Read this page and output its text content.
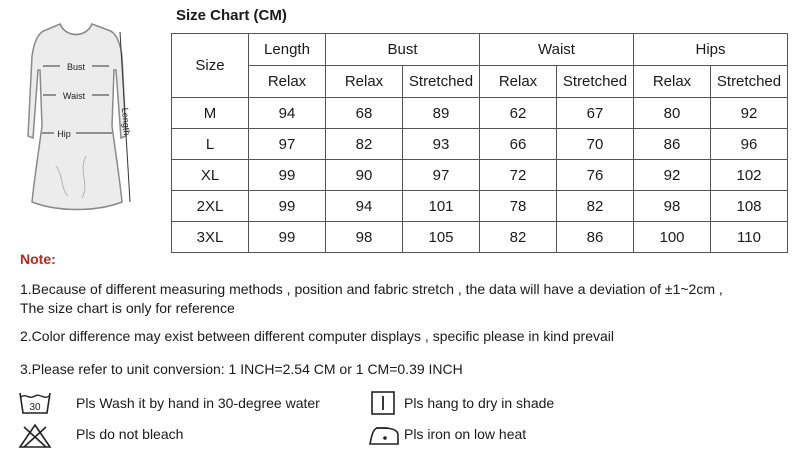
Bust
Waist
Hip	Length
Size Chart (CM)
Size	Length	Bust		Waist		Hips	
	Relax	Relax	Stretched	Relax	Stretched	Relax	Stretched
M	94	68	89	62	67	80	92
L	97	82	93	66	70	86	96
XL	99	90	97	72	76	92	102
2XL	99	94	101	78	82	98	108
3XL	99	98	105	82	86	100	110
Note:
1.Because of different measuring methods , position and fabric stretch , the data will have a deviation of ±1~2cm ,
The size chart is only for reference
2.Color difference may exist between different computer displays , specific please in kind prevail
3.Please refer to unit conversion: 1 INCH=2.54 CM or 1 CM=0.39 INCH
30	Pls Wash it by hand in 30-degree water	Pls hang to dry in shade
Pls do not bleach	Pls iron on low heat
